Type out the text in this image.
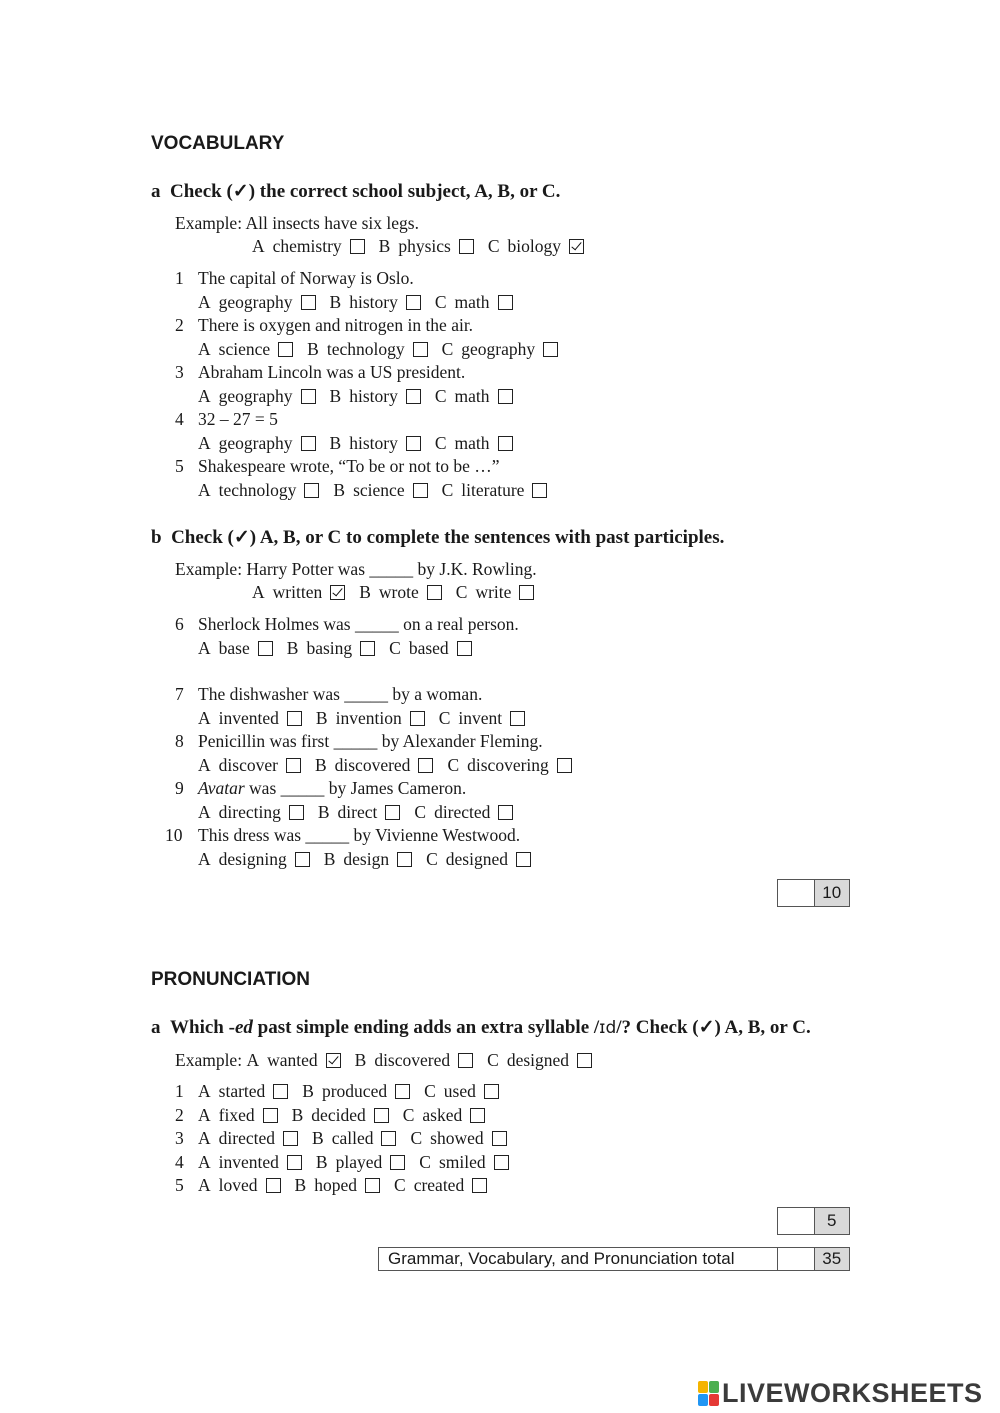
VOCABULARY
a Check (✓) the correct school subject, A, B, or C.
Example: All insects have six legs.
A chemistry B physics C biology
1 The capital of Norway is Oslo.
A geography B history C math
2 There is oxygen and nitrogen in the air.
A science B technology C geography
3 Abraham Lincoln was a US president.
A geography B history C math
4 32 – 27 = 5
A geography B history C math
5 Shakespeare wrote, “To be or not to be …”
A technology B science C literature
b Check (✓) A, B, or C to complete the sentences with past participles.
Example: Harry Potter was _____ by J.K. Rowling.
A written B wrote C write
6 Sherlock Holmes was _____ on a real person.
A base B basing C based
7 The dishwasher was _____ by a woman.
A invented B invention C invent
8 Penicillin was first _____ by Alexander Fleming.
A discover B discovered C discovering
9 Avatar was _____ by James Cameron.
A directing B direct C directed
10 This dress was _____ by Vivienne Westwood.
A designing B design C designed
10
PRONUNCIATION
a Which -ed past simple ending adds an extra syllable /ɪd/? Check (✓) A, B, or C.
Example: A wanted B discovered C designed
1 A started B produced C used
2 A fixed B decided C asked
3 A directed B called C showed
4 A invented B played C smiled
5 A loved B hoped C created
5
Grammar, Vocabulary, and Pronunciation total	35
LIVE WORKSHEETS
